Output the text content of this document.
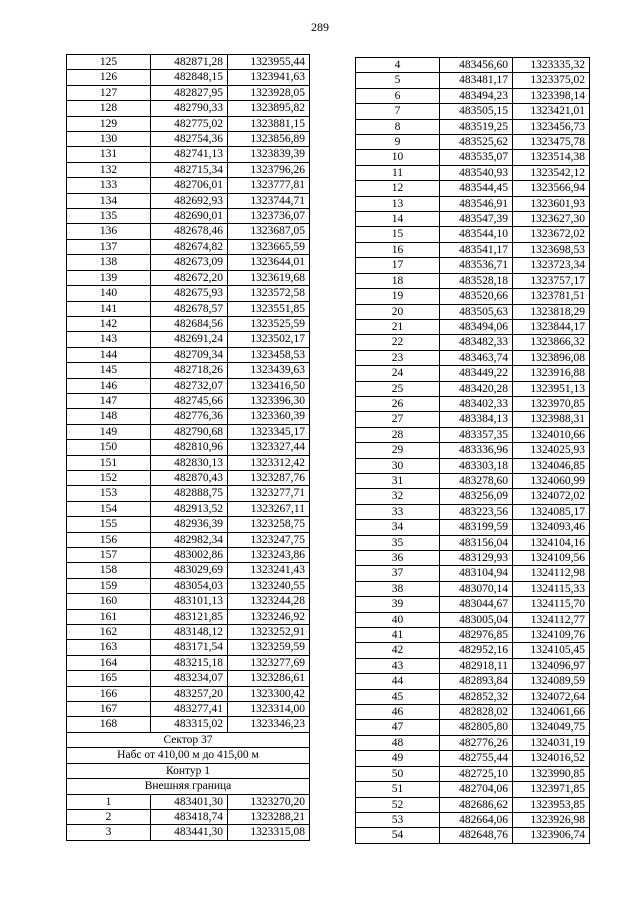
289
125	482871,28	1323955,44
126	482848,15	1323941,63
127	482827,95	1323928,05
128	482790,33	1323895,82
129	482775,02	1323881,15
130	482754,36	1323856,89
131	482741,13	1323839,39
132	482715,34	1323796,26
133	482706,01	1323777,81
134	482692,93	1323744,71
135	482690,01	1323736,07
136	482678,46	1323687,05
137	482674,82	1323665,59
138	482673,09	1323644,01
139	482672,20	1323619,68
140	482675,93	1323572,58
141	482678,57	1323551,85
142	482684,56	1323525,59
143	482691,24	1323502,17
144	482709,34	1323458,53
145	482718,26	1323439,63
146	482732,07	1323416,50
147	482745,66	1323396,30
148	482776,36	1323360,39
149	482790,68	1323345,17
150	482810,96	1323327,44
151	482830,13	1323312,42
152	482870,43	1323287,76
153	482888,75	1323277,71
154	482913,52	1323267,11
155	482936,39	1323258,75
156	482982,34	1323247,75
157	483002,86	1323243,86
158	483029,69	1323241,43
159	483054,03	1323240,55
160	483101,13	1323244,28
161	483121,85	1323246,92
162	483148,12	1323252,91
163	483171,54	1323259,59
164	483215,18	1323277,69
165	483234,07	1323286,61
166	483257,20	1323300,42
167	483277,41	1323314,00
168	483315,02	1323346,23
Сектор 37		
Набс от 410,00 м до 415,00 м		
Контур 1		
Внешняя граница		
1	483401,30	1323270,20
2	483418,74	1323288,21
3	483441,30	1323315,08
4	483456,60	1323335,32
5	483481,17	1323375,02
6	483494,23	1323398,14
7	483505,15	1323421,01
8	483519,25	1323456,73
9	483525,62	1323475,78
10	483535,07	1323514,38
11	483540,93	1323542,12
12	483544,45	1323566,94
13	483546,91	1323601,93
14	483547,39	1323627,30
15	483544,10	1323672,02
16	483541,17	1323698,53
17	483536,71	1323723,34
18	483528,18	1323757,17
19	483520,66	1323781,51
20	483505,63	1323818,29
21	483494,06	1323844,17
22	483482,33	1323866,32
23	483463,74	1323896,08
24	483449,22	1323916,88
25	483420,28	1323951,13
26	483402,33	1323970,85
27	483384,13	1323988,31
28	483357,35	1324010,66
29	483336,96	1324025,93
30	483303,18	1324046,85
31	483278,60	1324060,99
32	483256,09	1324072,02
33	483223,56	1324085,17
34	483199,59	1324093,46
35	483156,04	1324104,16
36	483129,93	1324109,56
37	483104,94	1324112,98
38	483070,14	1324115,33
39	483044,67	1324115,70
40	483005,04	1324112,77
41	482976,85	1324109,76
42	482952,16	1324105,45
43	482918,11	1324096,97
44	482893,84	1324089,59
45	482852,32	1324072,64
46	482828,02	1324061,66
47	482805,80	1324049,75
48	482776,26	1324031,19
49	482755,44	1324016,52
50	482725,10	1323990,85
51	482704,06	1323971,85
52	482686,62	1323953,85
53	482664,06	1323926,98
54	482648,76	1323906,74
